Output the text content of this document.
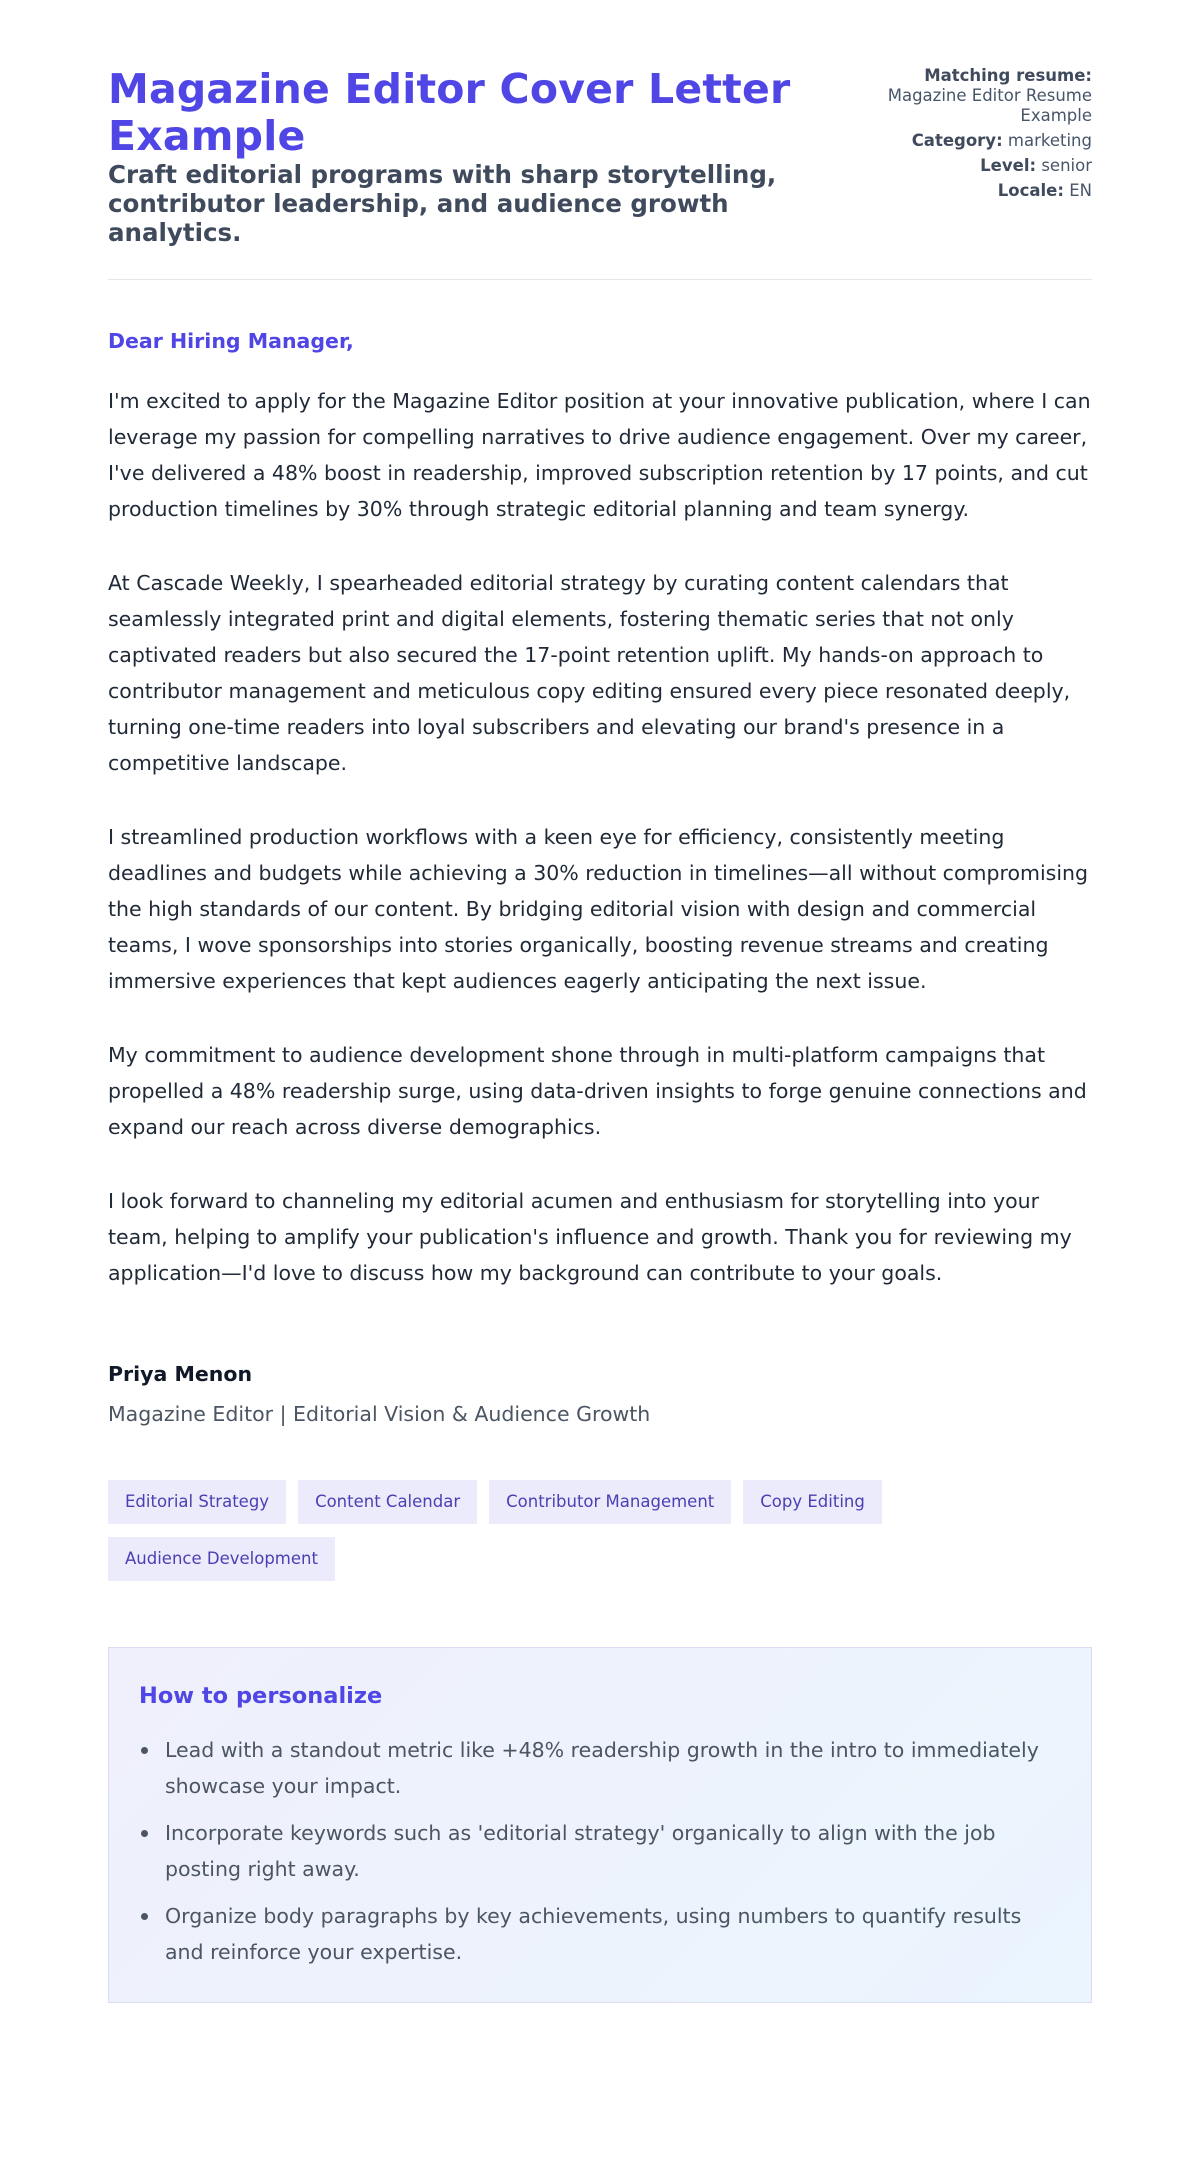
Magazine Editor Cover Letter Example
Craft editorial programs with sharp storytelling, contributor leadership, and audience growth analytics.
Matching resume:
Magazine Editor Resume Example
Category: marketing
Level: senior
Locale: EN
Dear Hiring Manager,

I'm excited to apply for the Magazine Editor position at your innovative publication, where I can leverage my passion for compelling narratives to drive audience engagement. Over my career, I've delivered a 48% boost in readership, improved subscription retention by 17 points, and cut production timelines by 30% through strategic editorial planning and team synergy.

At Cascade Weekly, I spearheaded editorial strategy by curating content calendars that seamlessly integrated print and digital elements, fostering thematic series that not only captivated readers but also secured the 17-point retention uplift. My hands-on approach to contributor management and meticulous copy editing ensured every piece resonated deeply, turning one-time readers into loyal subscribers and elevating our brand's presence in a competitive landscape.

I streamlined production workflows with a keen eye for efficiency, consistently meeting deadlines and budgets while achieving a 30% reduction in timelines—all without compromising the high standards of our content. By bridging editorial vision with design and commercial teams, I wove sponsorships into stories organically, boosting revenue streams and creating immersive experiences that kept audiences eagerly anticipating the next issue.

My commitment to audience development shone through in multi-platform campaigns that propelled a 48% readership surge, using data-driven insights to forge genuine connections and expand our reach across diverse demographics.

I look forward to channeling my editorial acumen and enthusiasm for storytelling into your team, helping to amplify your publication's influence and growth. Thank you for reviewing my application—I'd love to discuss how my background can contribute to your goals.

Priya Menon
Magazine Editor | Editorial Vision & Audience Growth
Editorial Strategy	Content Calendar	Contributor Management	Copy Editing
Audience Development
How to personalize
Lead with a standout metric like +48% readership growth in the intro to immediately showcase your impact.
Incorporate keywords such as 'editorial strategy' organically to align with the job posting right away.
Organize body paragraphs by key achievements, using numbers to quantify results and reinforce your expertise.
